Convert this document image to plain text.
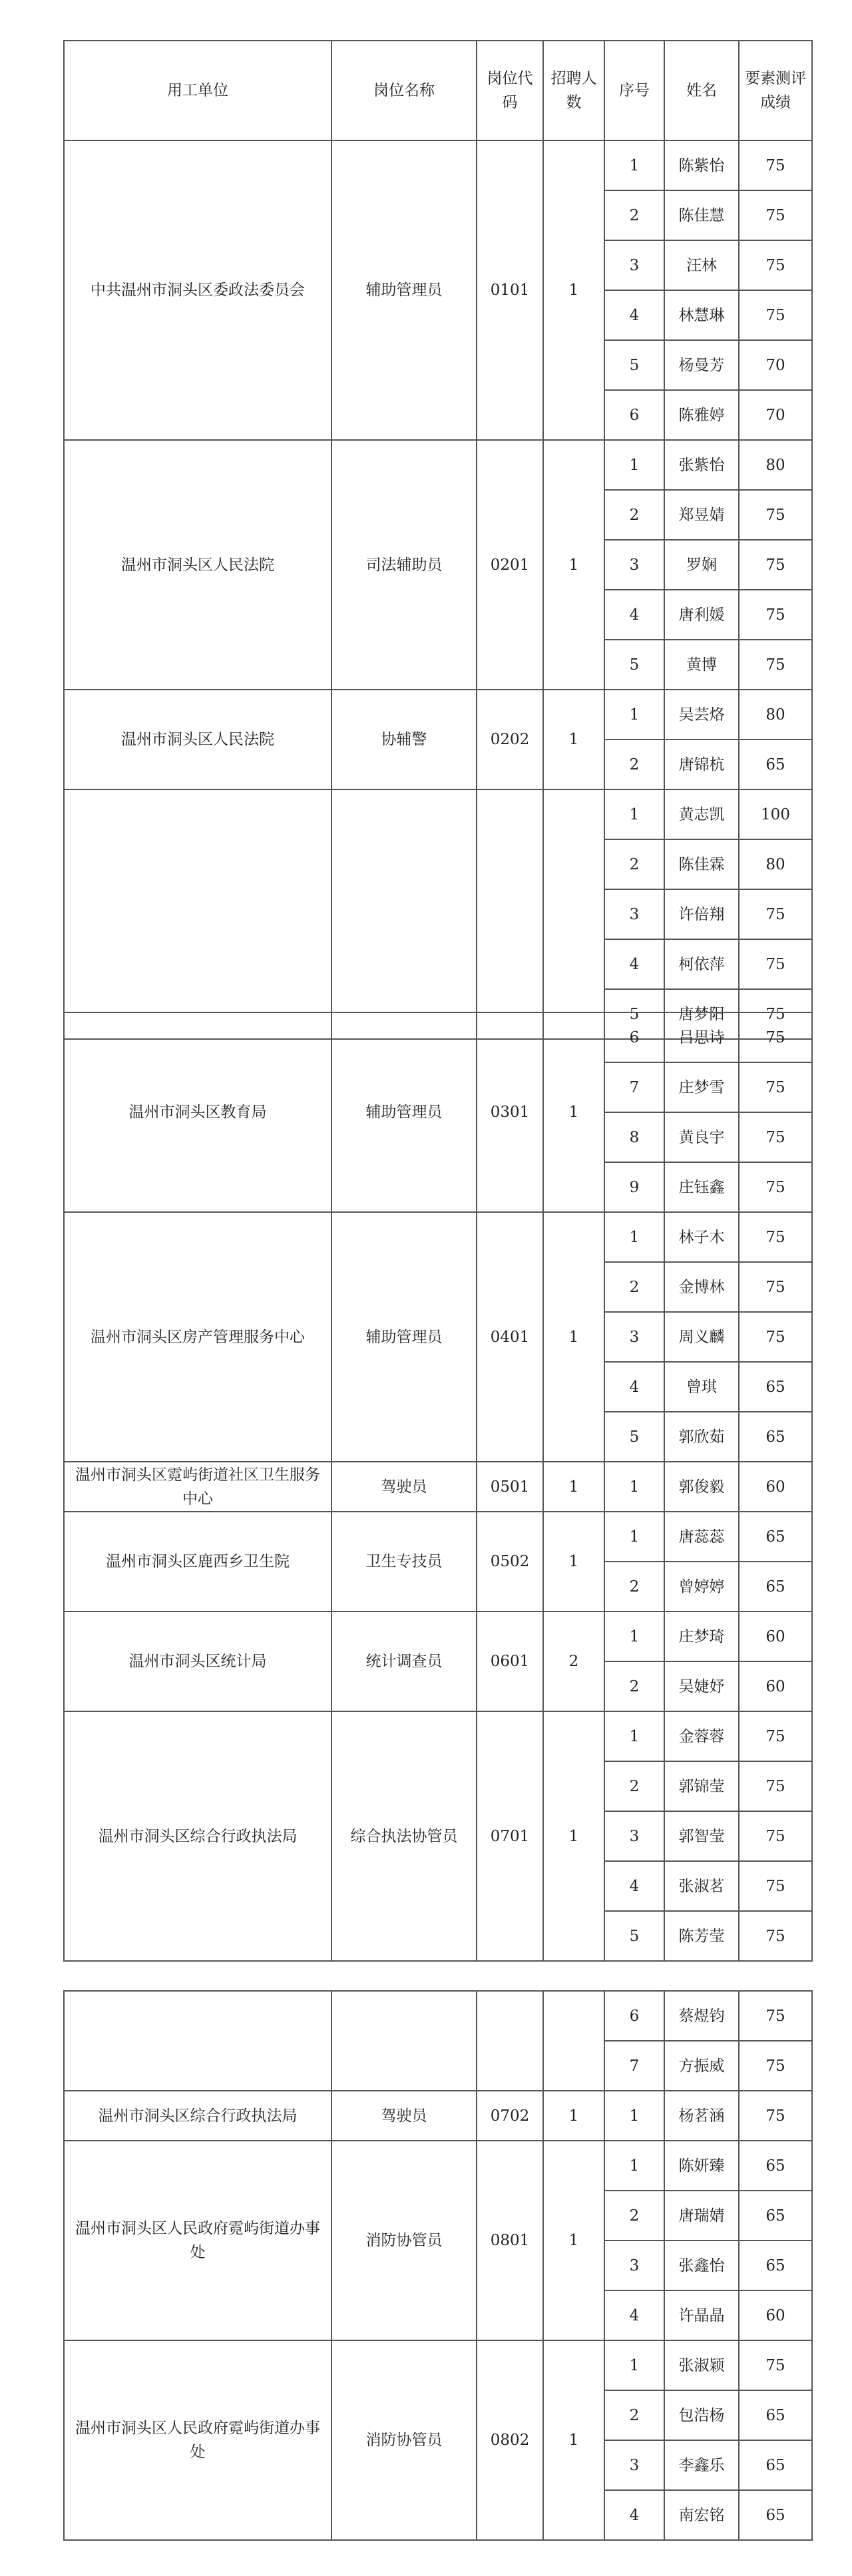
用工单位	岗位名称	岗位代码	招聘人数	序号	姓名	要素测评成绩
中共温州市洞头区委政法委员会	辅助管理员	0101	1	1	陈紫怡	75
				2	陈佳慧	75
				3	汪林	75
				4	林慧琳	75
				5	杨曼芳	70
				6	陈雅婷	70
温州市洞头区人民法院	司法辅助员	0201	1	1	张紫怡	80
				2	郑昱婧	75
				3	罗娴	75
				4	唐利媛	75
				5	黄博	75
温州市洞头区人民法院	协辅警	0202	1	1	吴芸烙	80
				2	唐锦杭	65
				1	黄志凯	100
				2	陈佳霖	80
				3	许倍翔	75
				4	柯依萍	75
				5	唐梦阳	75
温州市洞头区教育局	辅助管理员	0301	1	6	吕思诗	75
				7	庄梦雪	75
				8	黄良宇	75
				9	庄钰鑫	75
温州市洞头区房产管理服务中心	辅助管理员	0401	1	1	林子木	75
				2	金博林	75
				3	周义麟	75
				4	曾琪	65
				5	郭欣茹	65
温州市洞头区霓屿街道社区卫生服务中心	驾驶员	0501	1	1	郭俊毅	60
温州市洞头区鹿西乡卫生院	卫生专技员	0502	1	1	唐蕊蕊	65
				2	曾婷婷	65
温州市洞头区统计局	统计调查员	0601	2	1	庄梦琦	60
				2	吴婕妤	60
温州市洞头区综合行政执法局	综合执法协管员	0701	1	1	金蓉蓉	75
				2	郭锦莹	75
				3	郭智莹	75
				4	张淑茗	75
				5	陈芳莹	75
				6	蔡煜钧	75
				7	方振威	75
温州市洞头区综合行政执法局	驾驶员	0702	1	1	杨茗涵	75
温州市洞头区人民政府霓屿街道办事处	消防协管员	0801	1	1	陈妍臻	65
				2	唐瑞婧	65
				3	张鑫怡	65
				4	许晶晶	60
温州市洞头区人民政府霓屿街道办事处	消防协管员	0802	1	1	张淑颖	75
				2	包浩杨	65
				3	李鑫乐	65
				4	南宏铭	65
